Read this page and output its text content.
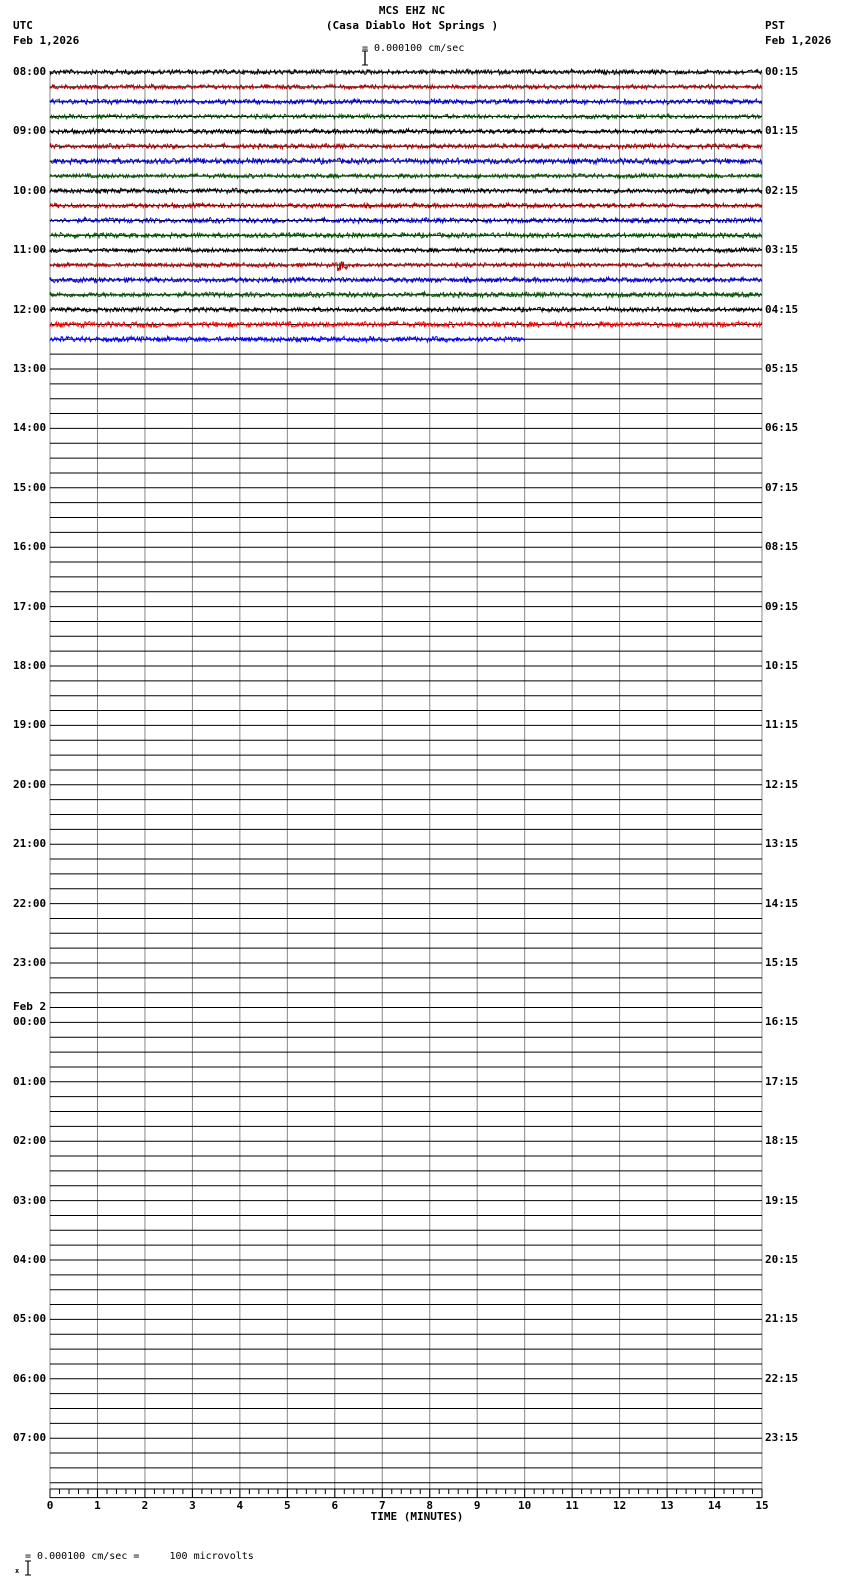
0	1	2	3	4	5	6	7	8	9	10	11	12	13	14	15
MCS EHZ NC
(Casa Diablo Hot Springs )

= 0.000100 cm/sec
UTC
Feb 1,2026
PST
Feb 1,2026
08:00
09:00
10:00
11:00
12:00
13:00
14:00
15:00
16:00
17:00
18:00
19:00
20:00
21:00
22:00
23:00
00:00
Feb 2
01:00
02:00
03:00
04:00
05:00
06:00
07:00
00:15
01:15
02:15
03:15
04:15
05:15
06:15
07:15
08:15
09:15
10:15
11:15
12:15
13:15
14:15
15:15
16:15
17:15
18:15
19:15
20:15
21:15
22:15
23:15
TIME (MINUTES)

x

= 0.000100 cm/sec =     100 microvolts
